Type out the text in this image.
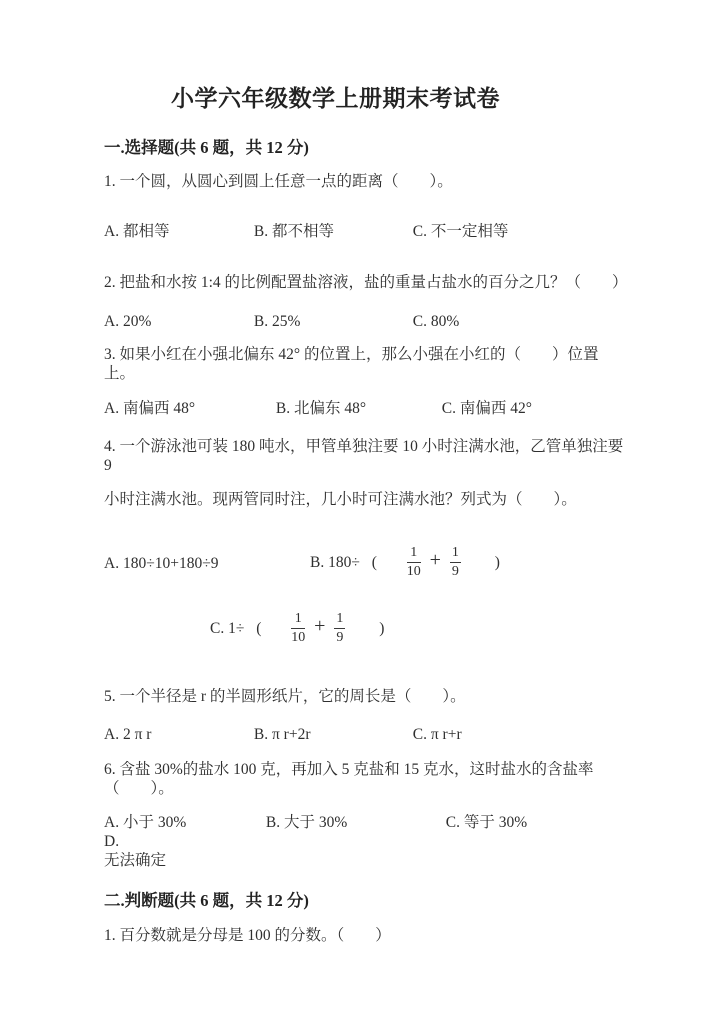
小学六年级数学上册期末考试卷
一.选择题(共 6 题，共 12 分)

1. 一个圆，从圆心到圆上任意一点的距离（　　）。

A. 都相等	B. 都不相等	C. 不一定相等

2. 把盐和水按 1:4 的比例配置盐溶液，盐的重量占盐水的百分之几？（　　）

A. 20%	B. 25%	C. 80%

3. 如果小红在小强北偏东 42° 的位置上，那么小强在小红的（　　）位置
上。

A. 南偏西 48°	B. 北偏东 48°	C. 南偏西 42°

4. 一个游泳池可装 180 吨水，甲管单独注要 10 小时注满水池，乙管单独注要 9

小时注满水池。现两管同时注，几小时可注满水池？列式为（　　）。

A. 180÷10+180÷9	B. 180÷ ( $\frac{1}{10} + \frac{1}{9}$ )
C. 1÷ ( $\frac{1}{10} + \frac{1}{9}$ )

5. 一个半径是 r 的半圆形纸片，它的周长是（　　）。

A. 2 π r	B. π r+2r	C. π r+r

6. 含盐 30%的盐水 100 克，再加入 5 克盐和 15 克水，这时盐水的含盐率
（　　）。

A. 小于 30%	B. 大于 30%	C. 等于 30% D.
无法确定
二.判断题(共 6 题，共 12 分)

1. 百分数就是分母是 100 的分数。（　　）
